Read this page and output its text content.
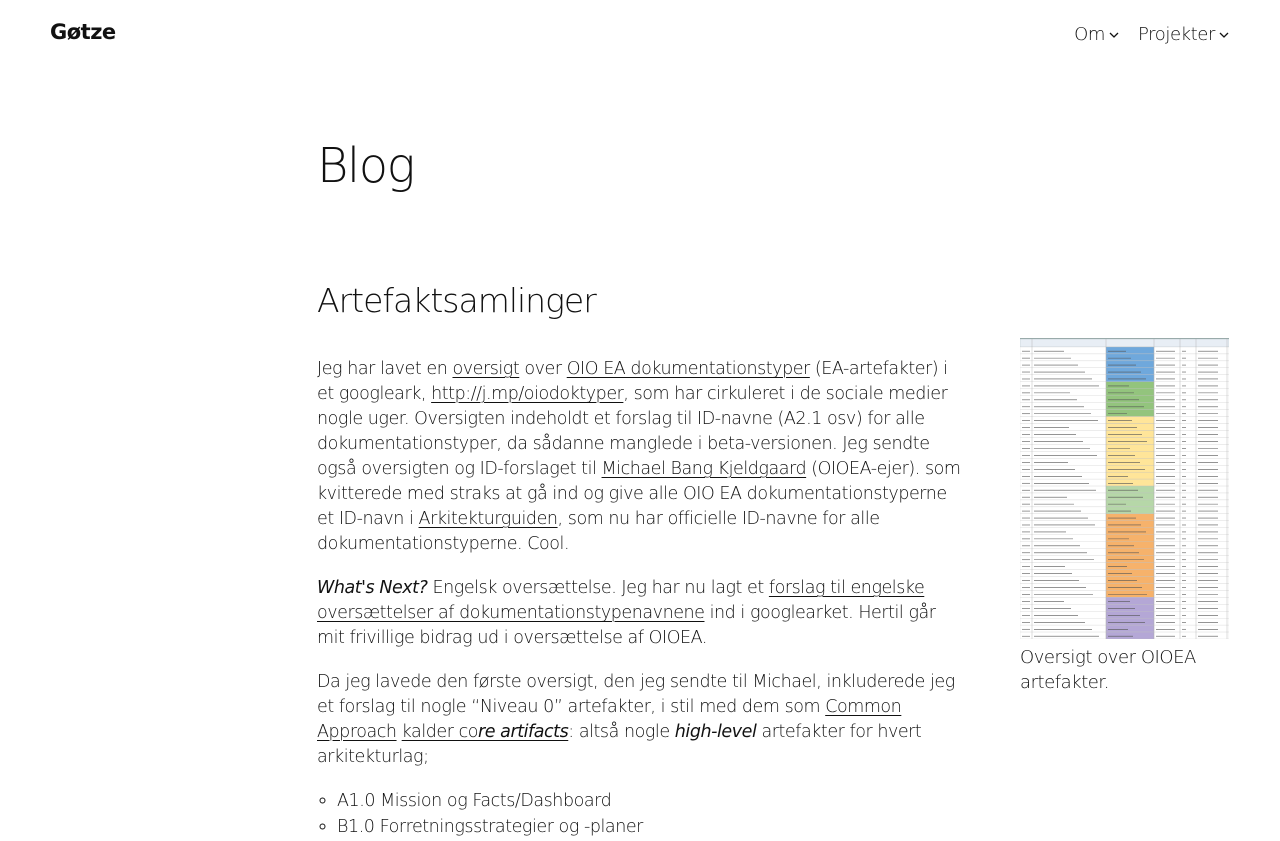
Gøtze	Om Projekter
Blog
Artefaktsamlinger

Jeg har lavet en oversigt over OIO EA dokumentationstyper (EA-artefakter) i et googleark, http://j.mp/oiodoktyper, som har cirkuleret i de sociale medier nogle uger. Oversigten indeholdt et forslag til ID-navne (A2.1 osv) for alle dokumentationstyper, da sådanne manglede i beta-versionen. Jeg sendte også oversigten og ID-forslaget til Michael Bang Kjeldgaard (OIOEA-ejer). som kvitterede med straks at gå ind og give alle OIO EA dokumentationstyperne et ID-navn i Arkitekturguiden, som nu har officielle ID-navne for alle dokumentationstyperne. Cool.

What's Next? Engelsk oversættelse. Jeg har nu lagt et forslag til engelske oversættelser af dokumentationstypenavnene ind i googlearket. Hertil går mit frivillige bidrag ud i oversættelse af OIOEA.

Da jeg lavede den første oversigt, den jeg sendte til Michael, inkluderede jeg et forslag til nogle “Niveau 0” artefakter, i stil med dem som Common Approach kalder core artifacts: altså nogle high-level artefakter for hvert arkitekturlag;

◦ A1.0 Mission og Facts/Dashboard
◦ B1.0 Forretningsstrategier og -planer
Oversigt over OIOEA artefakter.
